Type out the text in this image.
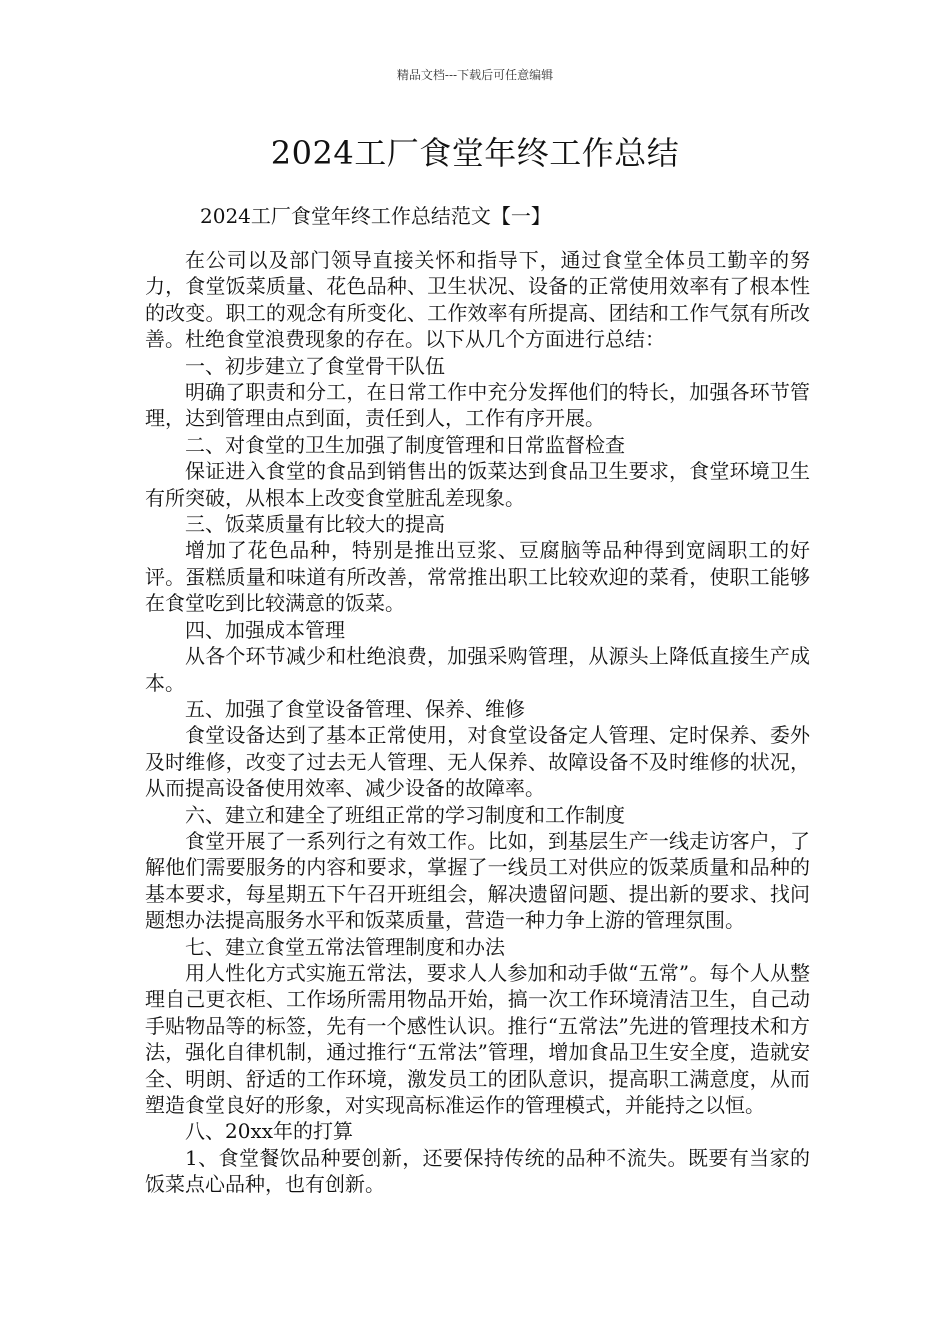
精品文档---下载后可任意编辑
2024工厂食堂年终工作总结
2024工厂食堂年终工作总结范文【一】

在公司以及部门领导直接关怀和指导下，通过食堂全体员工勤辛的努力，食堂饭菜质量、花色品种、卫生状况、设备的正常使用效率有了根本性的改变。职工的观念有所变化、工作效率有所提高、团结和工作气氛有所改善。杜绝食堂浪费现象的存在。以下从几个方面进行总结：

一、初步建立了食堂骨干队伍

明确了职责和分工，在日常工作中充分发挥他们的特长，加强各环节管理，达到管理由点到面，责任到人，工作有序开展。

二、对食堂的卫生加强了制度管理和日常监督检查

保证进入食堂的食品到销售出的饭菜达到食品卫生要求，食堂环境卫生有所突破，从根本上改变食堂脏乱差现象。

三、饭菜质量有比较大的提高

增加了花色品种，特别是推出豆浆、豆腐脑等品种得到宽阔职工的好评。蛋糕质量和味道有所改善，常常推出职工比较欢迎的菜肴，使职工能够在食堂吃到比较满意的饭菜。

四、加强成本管理

从各个环节减少和杜绝浪费，加强采购管理，从源头上降低直接生产成本。

五、加强了食堂设备管理、保养、维修

食堂设备达到了基本正常使用，对食堂设备定人管理、定时保养、委外及时维修，改变了过去无人管理、无人保养、故障设备不及时维修的状况，从而提高设备使用效率、减少设备的故障率。

六、建立和建全了班组正常的学习制度和工作制度

食堂开展了一系列行之有效工作。比如，到基层生产一线走访客户，了解他们需要服务的内容和要求，掌握了一线员工对供应的饭菜质量和品种的基本要求，每星期五下午召开班组会，解决遗留问题、提出新的要求、找问题想办法提高服务水平和饭菜质量，营造一种力争上游的管理氛围。

七、建立食堂五常法管理制度和办法

用人性化方式实施五常法，要求人人参加和动手做“五常”。每个人从整理自己更衣柜、工作场所需用物品开始，搞一次工作环境清洁卫生，自己动手贴物品等的标签，先有一个感性认识。推行“五常法”先进的管理技术和方法，强化自律机制，通过推行“五常法”管理，增加食品卫生安全度，造就安全、明朗、舒适的工作环境，激发员工的团队意识，提高职工满意度，从而塑造食堂良好的形象，对实现高标准运作的管理模式，并能持之以恒。

八、20xx年的打算

1、食堂餐饮品种要创新，还要保持传统的品种不流失。既要有当家的饭菜点心品种，也有创新。
